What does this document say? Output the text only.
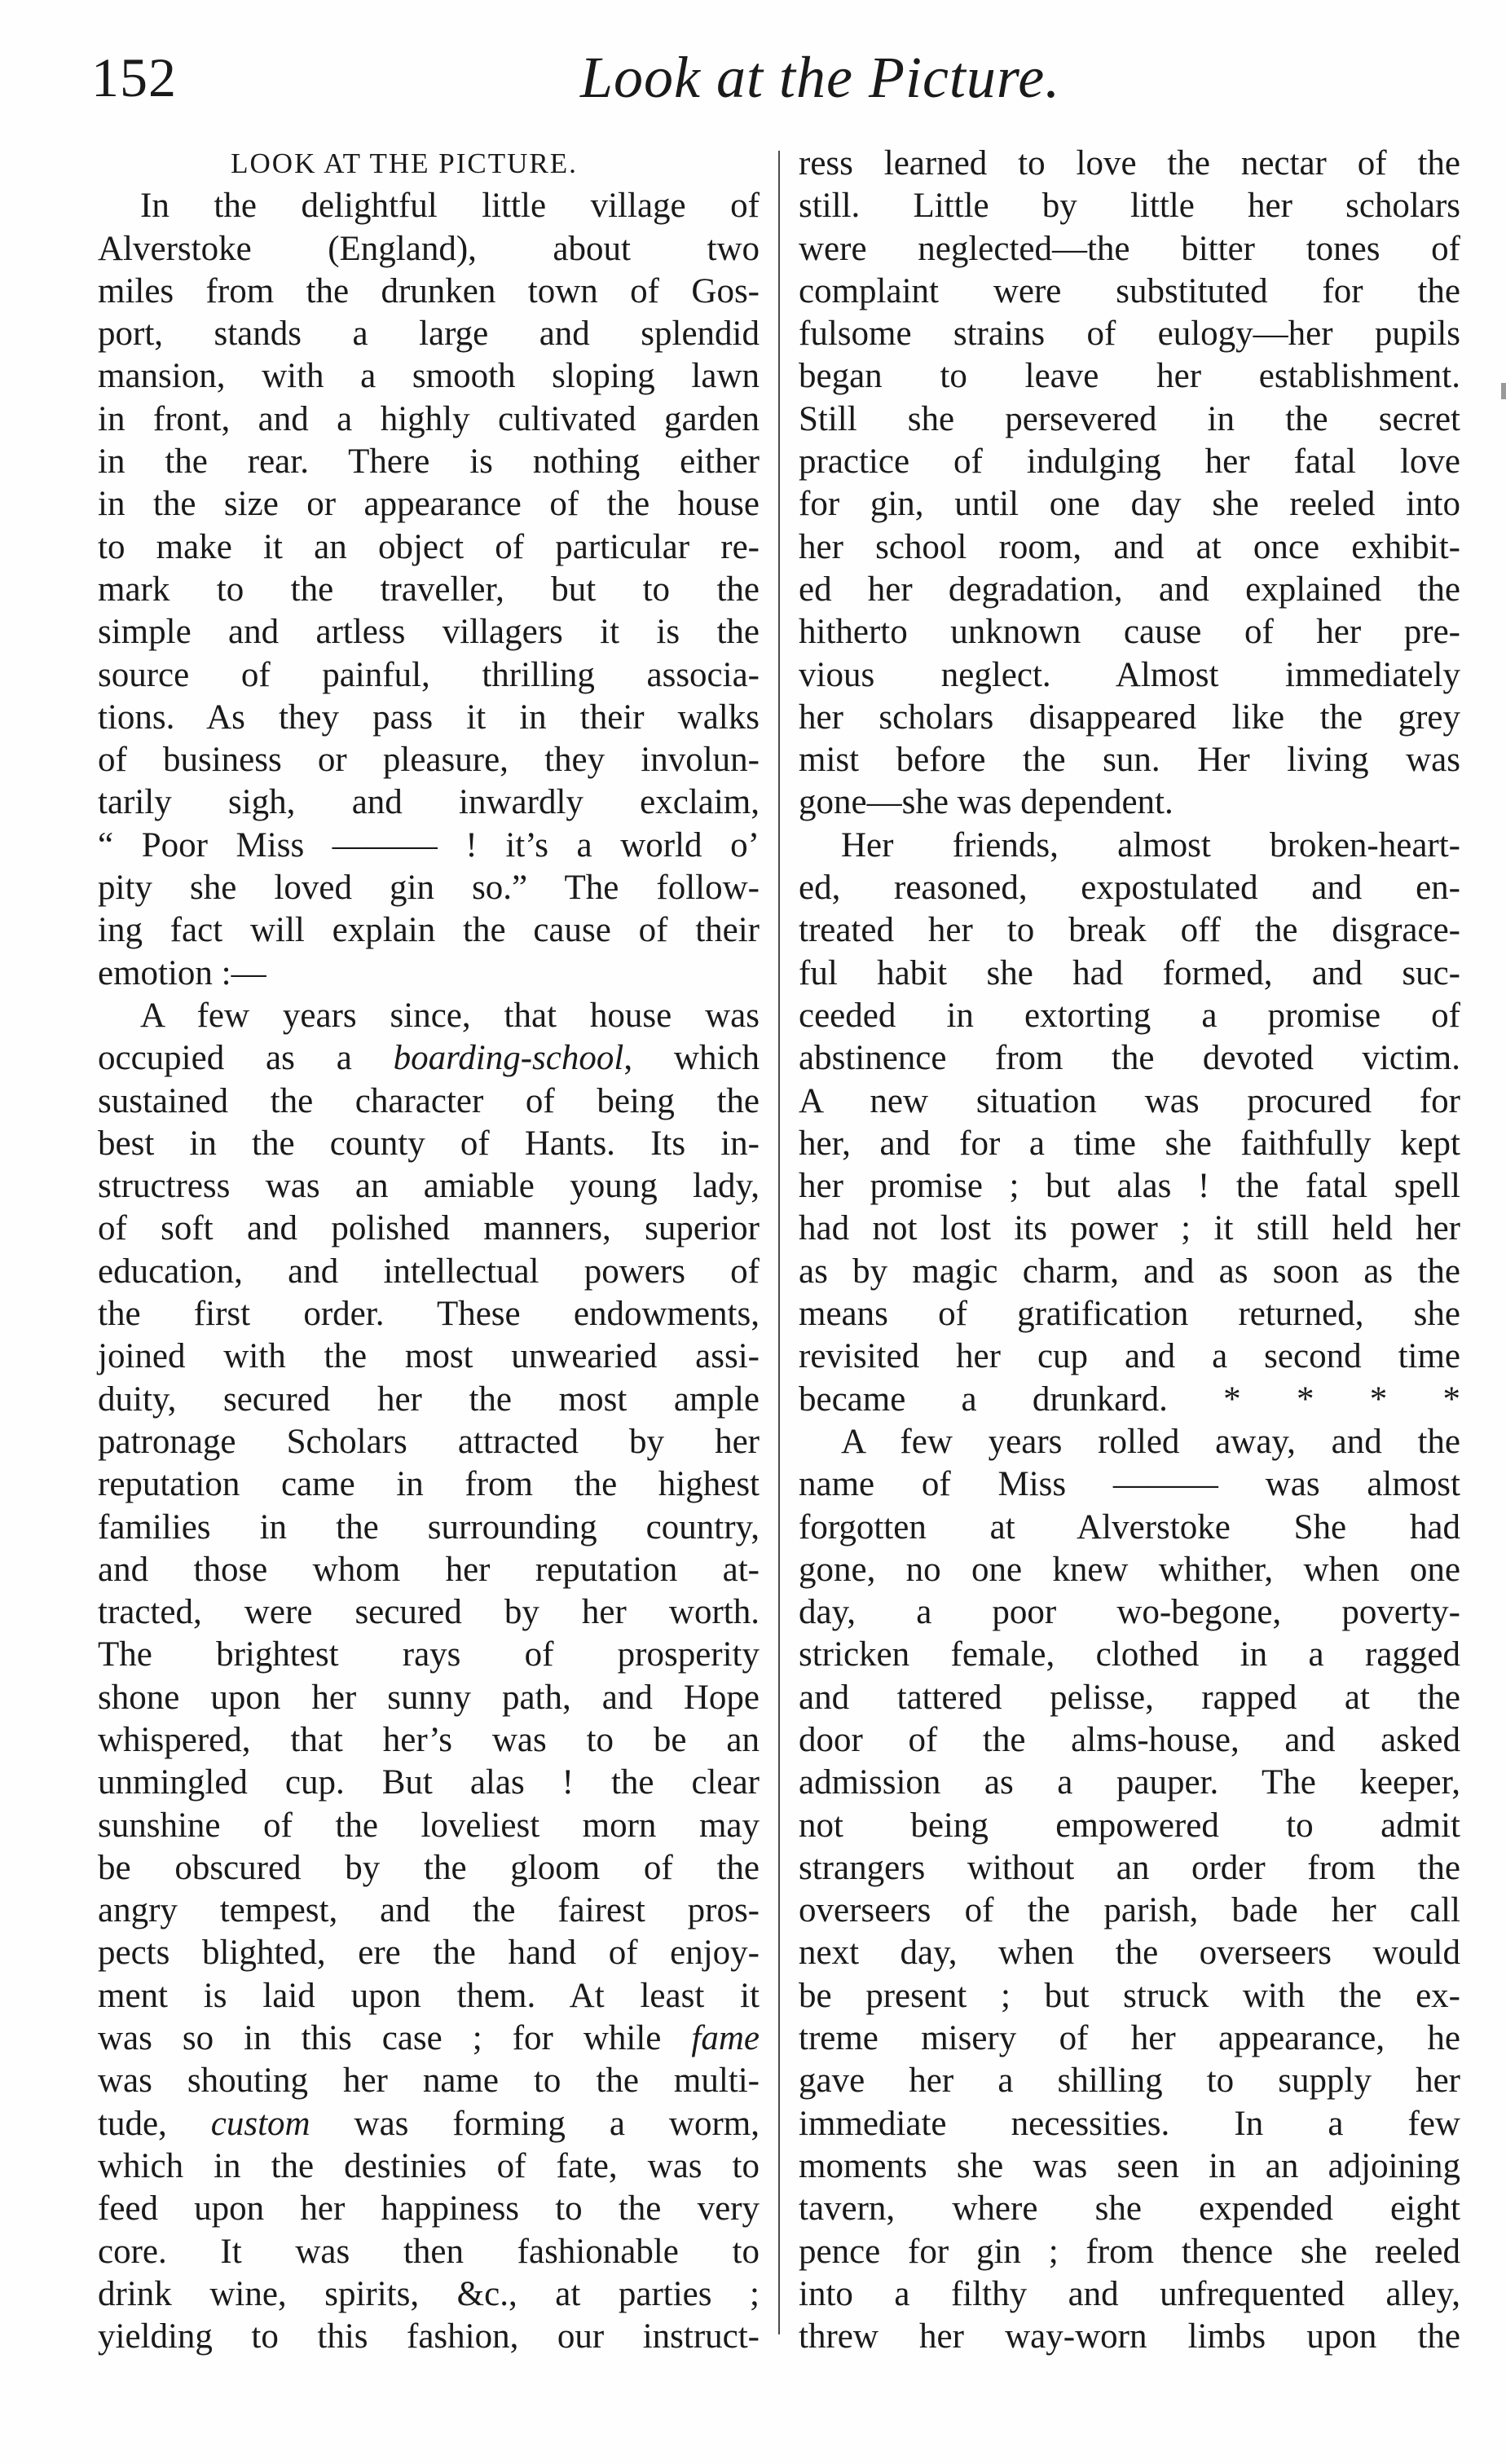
152	Look at the Picture.
LOOK AT THE PICTURE.
In the delightful little village of
Alverstoke (England), about two
miles from the drunken town of Gos-
port, stands a large and splendid
mansion, with a smooth sloping lawn
in front, and a highly cultivated garden
in the rear. There is nothing either
in the size or appearance of the house
to make it an object of particular re-
mark to the traveller, but to the
simple and artless villagers it is the
source of painful, thrilling associa-
tions. As they pass it in their walks
of business or pleasure, they involun-
tarily sigh, and inwardly exclaim,
“ Poor Miss ——— ! it’s a world o’
pity she loved gin so.” The follow-
ing fact will explain the cause of their
emotion :—
A few years since, that house was
occupied as a boarding-school, which
sustained the character of being the
best in the county of Hants. Its in-
structress was an amiable young lady,
of soft and polished manners, superior
education, and intellectual powers of
the first order. These endowments,
joined with the most unwearied assi-
duity, secured her the most ample
patronage Scholars attracted by her
reputation came in from the highest
families in the surrounding country,
and those whom her reputation at-
tracted, were secured by her worth.
The brightest rays of prosperity
shone upon her sunny path, and Hope
whispered, that her’s was to be an
unmingled cup. But alas ! the clear
sunshine of the loveliest morn may
be obscured by the gloom of the
angry tempest, and the fairest pros-
pects blighted, ere the hand of enjoy-
ment is laid upon them. At least it
was so in this case ; for while fame
was shouting her name to the multi-
tude, custom was forming a worm,
which in the destinies of fate, was to
feed upon her happiness to the very
core. It was then fashionable to
drink wine, spirits, &c., at parties ;
yielding to this fashion, our instruct-
ress learned to love the nectar of the
still. Little by little her scholars
were neglected—the bitter tones of
complaint were substituted for the
fulsome strains of eulogy—her pupils
began to leave her establishment.
Still she persevered in the secret
practice of indulging her fatal love
for gin, until one day she reeled into
her school room, and at once exhibit-
ed her degradation, and explained the
hitherto unknown cause of her pre-
vious neglect. Almost immediately
her scholars disappeared like the grey
mist before the sun. Her living was
gone—she was dependent.
Her friends, almost broken-heart-
ed, reasoned, expostulated and en-
treated her to break off the disgrace-
ful habit she had formed, and suc-
ceeded in extorting a promise of
abstinence from the devoted victim.
A new situation was procured for
her, and for a time she faithfully kept
her promise ; but alas ! the fatal spell
had not lost its power ; it still held her
as by magic charm, and as soon as the
means of gratification returned, she
revisited her cup and a second time
became a drunkard. * * * *
A few years rolled away, and the
name of Miss ——— was almost
forgotten at Alverstoke She had
gone, no one knew whither, when one
day, a poor wo-begone, poverty-
stricken female, clothed in a ragged
and tattered pelisse, rapped at the
door of the alms-house, and asked
admission as a pauper. The keeper,
not being empowered to admit
strangers without an order from the
overseers of the parish, bade her call
next day, when the overseers would
be present ; but struck with the ex-
treme misery of her appearance, he
gave her a shilling to supply her
immediate necessities. In a few
moments she was seen in an adjoining
tavern, where she expended eight
pence for gin ; from thence she reeled
into a filthy and unfrequented alley,
threw her way-worn limbs upon the
